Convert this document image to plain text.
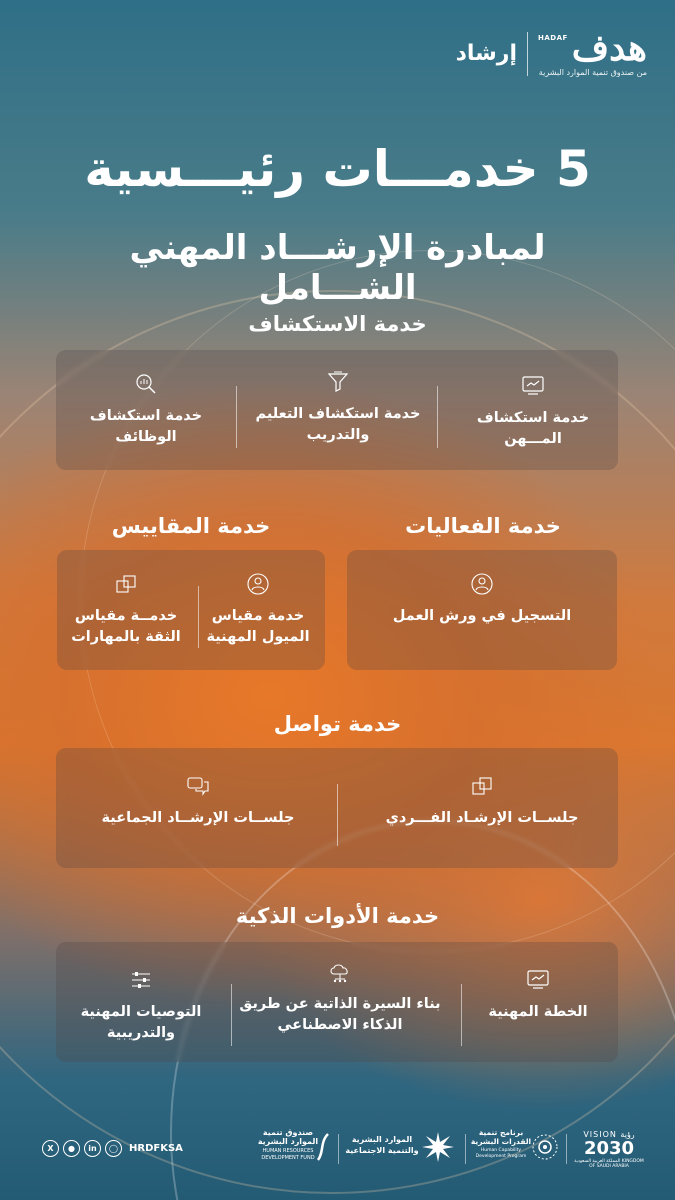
إرشاد
HADAF هدف
من صندوق تنمية الموارد البشرية
5 خدمـــات رئيـــسية
لمبادرة الإرشـــاد المهني الشـــامل
خدمة الاستكشاف
خدمة استكشاف المـــهن
خدمة استكشاف التعليم والتدريب
خدمة استكشاف الوظائف
خدمة الفعاليات
التسجيل في ورش العمل
خدمة المقاييس
خدمة مقياس الميول المهنية
خدمــة مقياس الثقة بالمهارات
خدمة تواصل
جلســات الإرشـاد الفـــردي
جلســات الإرشــاد الجماعية
خدمة الأدوات الذكية
الخطة المهنية
بناء السيرة الذاتية عن طريق الذكاء الاصطناعي
التوصيات المهنية والتدريبية
X	●	in	◯	HRDFKSA
صندوق تنمية الموارد البشرية
HUMAN RESOURCES DEVELOPMENT FUND
الموارد البشرية والتنمية الاجتماعية
برنامج تنمية القدرات البشرية
Human Capability Development Program
VISION رؤية
2030
المملكة العربية السعودية KINGDOM OF SAUDI ARABIA
